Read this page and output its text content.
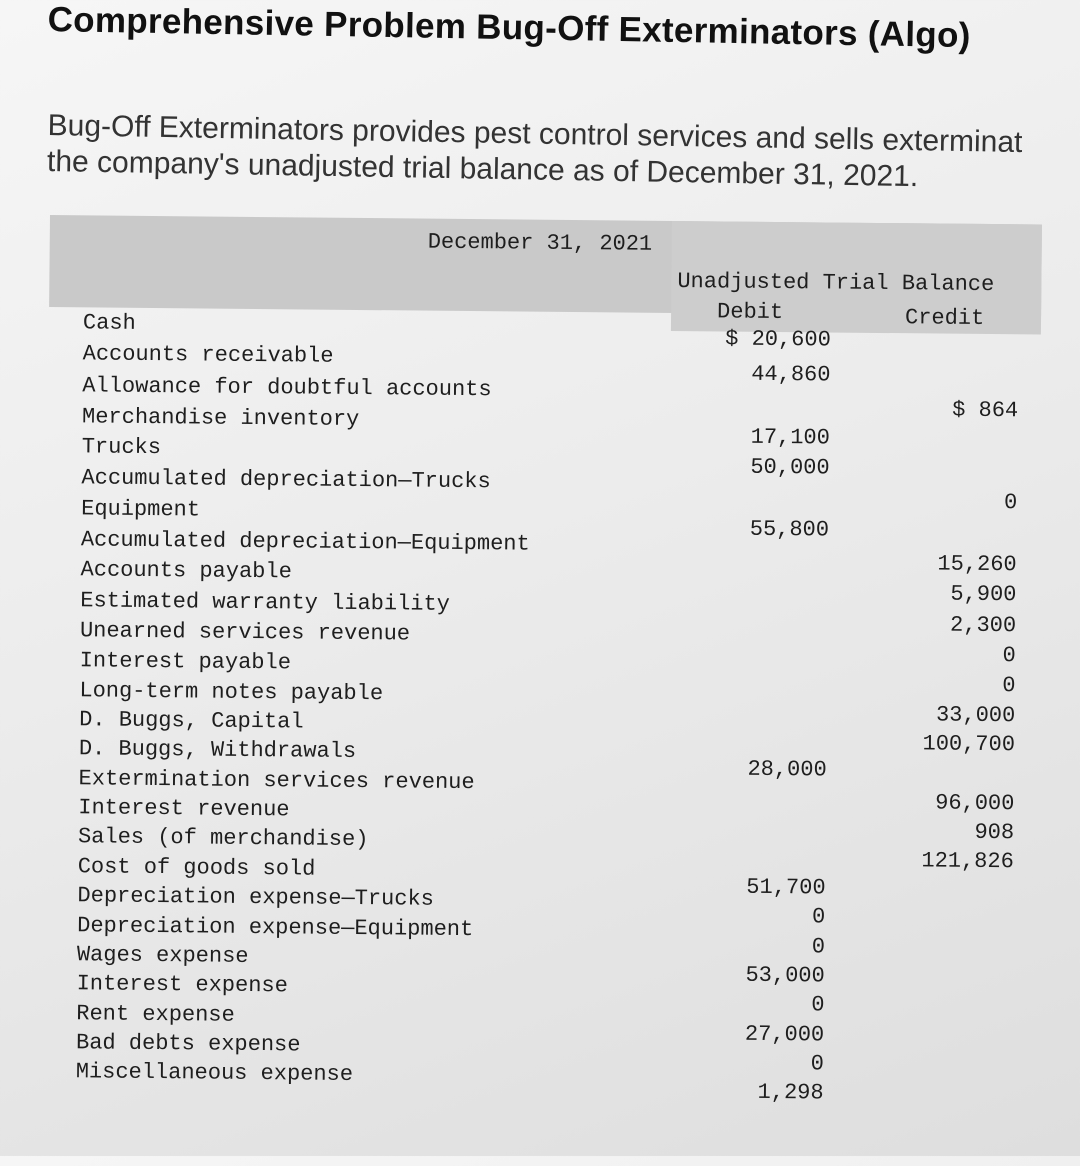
Comprehensive Problem Bug-Off Exterminators (Algo)
Bug-Off Exterminators provides pest control services and sells exterminat
the company's unadjusted trial balance as of December 31, 2021.
December 31, 2021
Unadjusted Trial Balance
Debit	Credit
Cash
$ 20,600
Accounts receivable
44,860
Allowance for doubtful accounts
$ 864
Merchandise inventory
17,100
Trucks
50,000
Accumulated depreciation—Trucks
0
Equipment
55,800
Accumulated depreciation—Equipment
15,260
Accounts payable
5,900
Estimated warranty liability
2,300
Unearned services revenue
0
Interest payable
0
Long-term notes payable
33,000
D. Buggs, Capital
100,700
D. Buggs, Withdrawals
28,000
Extermination services revenue
96,000
Interest revenue
908
Sales (of merchandise)
121,826
Cost of goods sold
51,700
Depreciation expense—Trucks
0
Depreciation expense—Equipment
0
Wages expense
53,000
Interest expense
0
Rent expense
27,000
Bad debts expense
0
Miscellaneous expense
1,298
